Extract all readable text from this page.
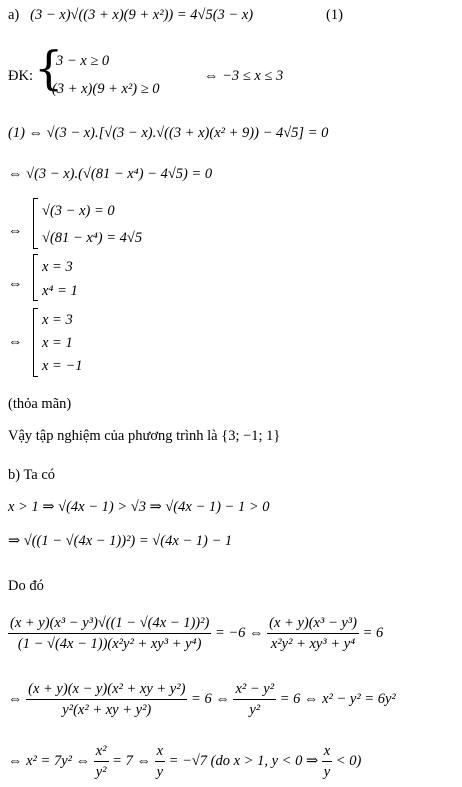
a) (3 − x)√((3 + x)(9 + x²)) = 4√5(3 − x)	(1)
ĐK: {
3 − x ≥ 0
(3 + x)(9 + x²) ≥ 0
⇔ −3 ≤ x ≤ 3
(1) ⇔ √(3 − x).[√(3 − x).√((3 + x)(x² + 9)) − 4√5] = 0
⇔ √(3 − x).(√(81 − x⁴) − 4√5) = 0
⇔
√(3 − x) = 0
√(81 − x⁴) = 4√5
⇔
x = 3
x⁴ = 1
⇔
x = 3
x = 1
x = −1
(thỏa mãn)
Vậy tập nghiệm của phương trình là {3; −1; 1}
b) Ta có
x > 1 ⇒ √(4x − 1) > √3 ⇒ √(4x − 1) − 1 > 0
⇒ √((1 − √(4x − 1))²) = √(4x − 1) − 1
Do đó
$\frac{\text{(x + y)(x³ − y³)√((1 − √(4x − 1))²)}}{\text{(1 − √(4x − 1))(x²y² + xy³ + y⁴)}} = -6$ ⇔ $\frac{\text{(x + y)(x³ − y³)}}{\text{x²y² + xy³ + y⁴}} = 6$
⇔ $\frac{\text{(x + y)(x − y)(x² + xy + y²)}}{\text{y²(x² + xy + y²)}} = 6$ ⇔ $\frac{\text{x² − y²}}{\text{y²}} = 6$ ⇔ x² − y² = 6y²
⇔ x² = 7y² ⇔ $\frac{\text{x²}}{\text{y²}} = 7$ ⇔ $\frac{x}{y} = -√7$ (do x > 1, y < 0 ⇒ $\frac{x}{y} < 0$)
